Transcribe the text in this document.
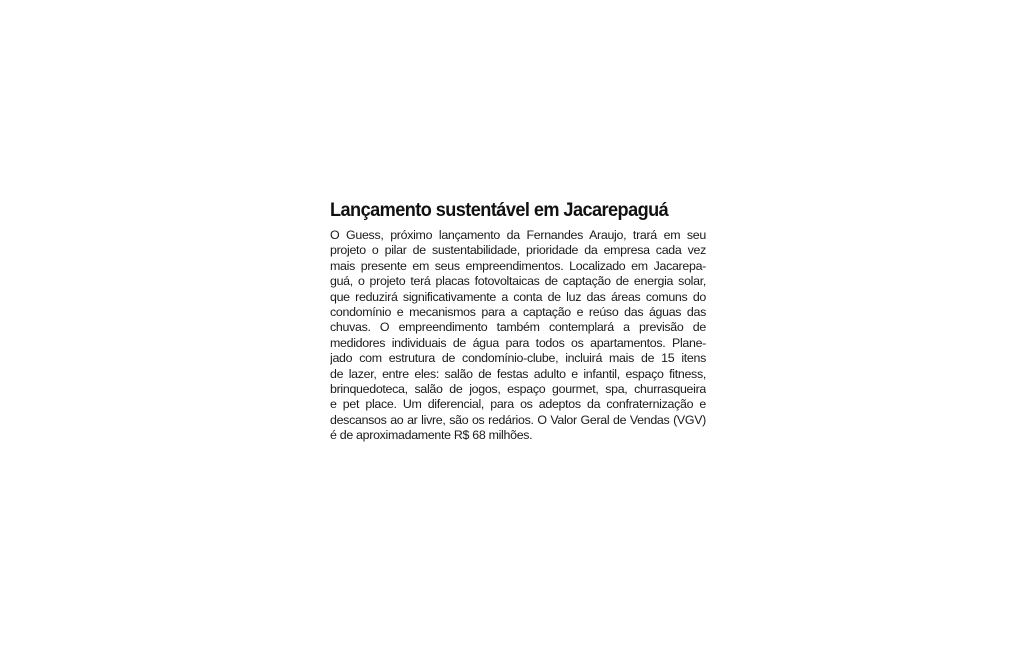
Lançamento sustentável em Jacarepaguá
O Guess, próximo lançamento da Fernandes Araujo, trará em seu
projeto o pilar de sustentabilidade, prioridade da empresa cada vez
mais presente em seus empreendimentos. Localizado em Jacarepa-
guá, o projeto terá placas fotovoltaicas de captação de energia solar,
que reduzirá significativamente a conta de luz das áreas comuns do
condomínio e mecanismos para a captação e reúso das águas das
chuvas. O empreendimento também contemplará a previsão de
medidores individuais de água para todos os apartamentos. Plane-
jado com estrutura de condomínio-clube, incluirá mais de 15 itens
de lazer, entre eles: salão de festas adulto e infantil, espaço fitness,
brinquedoteca, salão de jogos, espaço gourmet, spa, churrasqueira
e pet place. Um diferencial, para os adeptos da confraternização e
descansos ao ar livre, são os redários. O Valor Geral de Vendas (VGV)
é de aproximadamente R$ 68 milhões.
